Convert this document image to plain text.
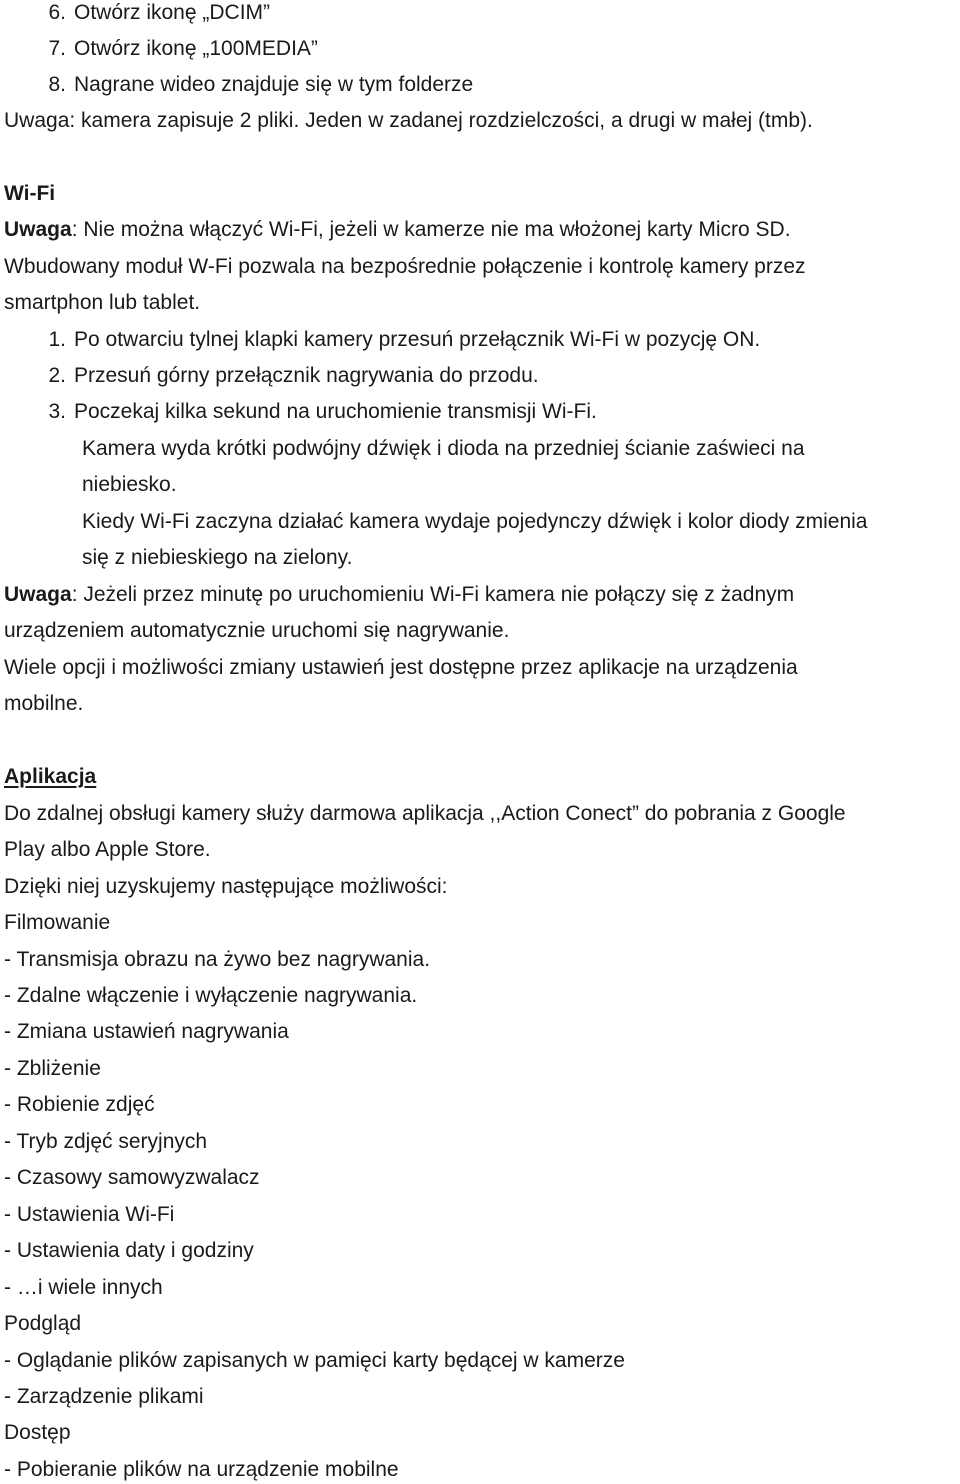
6. Otwórz ikonę „DCIM”
7. Otwórz ikonę „100MEDIA”
8. Nagrane wideo znajduje się w tym folderze
Uwaga: kamera zapisuje 2 pliki. Jeden w zadanej rozdzielczości, a drugi w małej (tmb).
Wi-Fi
Uwaga: Nie można włączyć Wi-Fi, jeżeli w kamerze nie ma włożonej karty Micro SD.
Wbudowany moduł W-Fi pozwala na bezpośrednie połączenie i kontrolę kamery przez
smartphon lub tablet.
1. Po otwarciu tylnej klapki kamery przesuń przełącznik Wi-Fi w pozycję ON.
2. Przesuń górny przełącznik nagrywania do przodu.
3. Poczekaj kilka sekund na uruchomienie transmisji Wi-Fi.
Kamera wyda krótki podwójny dźwięk i dioda na przedniej ścianie zaświeci na
niebiesko.
Kiedy Wi-Fi zaczyna działać kamera wydaje pojedynczy dźwięk i kolor diody zmienia
się z niebieskiego na zielony.
Uwaga: Jeżeli przez minutę po uruchomieniu Wi-Fi kamera nie połączy się z żadnym
urządzeniem automatycznie uruchomi się nagrywanie.
Wiele opcji i możliwości zmiany ustawień jest dostępne przez aplikacje na urządzenia
mobilne.
Aplikacja
Do zdalnej obsługi kamery służy darmowa aplikacja ,,Action Conect” do pobrania z Google
Play albo Apple Store.
Dzięki niej uzyskujemy następujące możliwości:
Filmowanie
- Transmisja obrazu na żywo bez nagrywania.
- Zdalne włączenie i wyłączenie nagrywania.
- Zmiana ustawień nagrywania
- Zbliżenie
- Robienie zdjęć
- Tryb zdjęć seryjnych
- Czasowy samowyzwalacz
- Ustawienia Wi-Fi
- Ustawienia daty i godziny
- …i wiele innych
Podgląd
- Oglądanie plików zapisanych w pamięci karty będącej w kamerze
- Zarządzenie plikami
Dostęp
- Pobieranie plików na urządzenie mobilne
